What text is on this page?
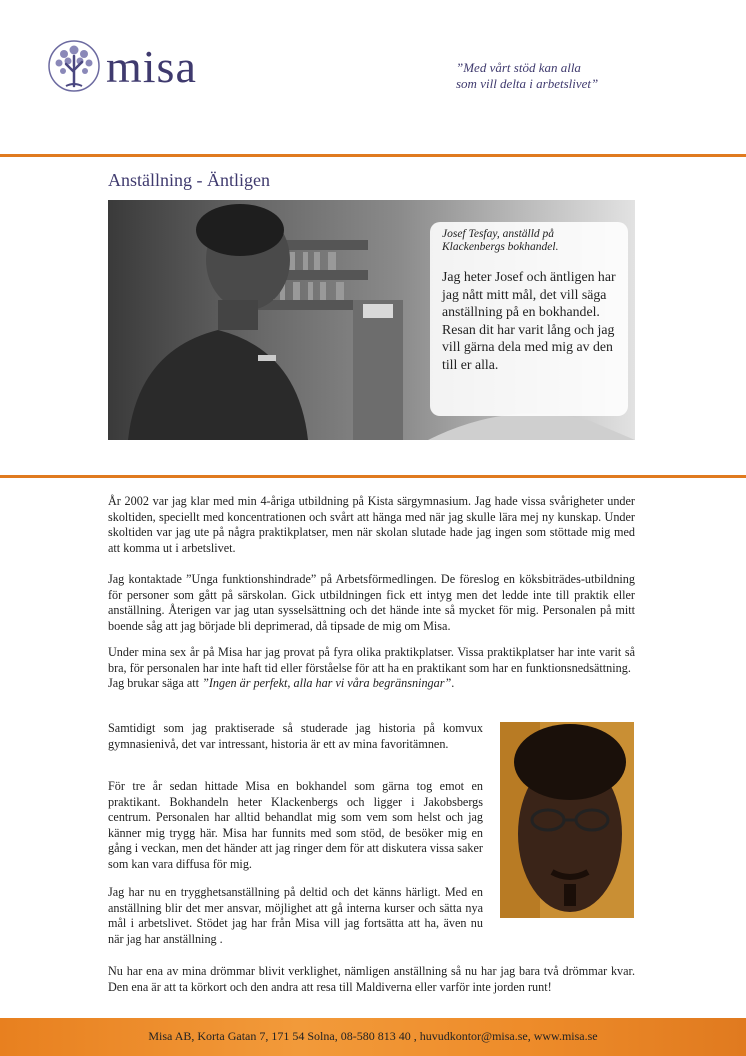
misa	”Med vårt stöd kan alla
som vill delta i arbetslivet”
Anställning - Äntligen
Josef Tesfay, anställd på
Klackenbergs bokhandel.
Jag heter Josef och äntligen har jag nått mitt mål, det vill säga anställning på en bokhandel. Resan dit har varit lång och jag vill gärna dela med mig av den till er alla.

År 2002 var jag klar med min 4-åriga utbildning på Kista särgymnasium. Jag hade vissa svårigheter under skoltiden, speciellt med koncentrationen och svårt att hänga med när jag skulle lära mej ny kunskap. Under skoltiden var jag ute på några praktikplatser, men när skolan slutade hade jag ingen som stöttade mig med att komma ut i arbetslivet.

Jag kontaktade ”Unga funktionshindrade” på Arbetsförmedlingen. De föreslog en köksbiträdes-utbildning för personer som gått på särskolan. Gick utbildningen fick ett intyg men det ledde inte till praktik eller anställning. Återigen var jag utan sysselsättning och det hände inte så mycket för mig. Personalen på mitt boende såg att jag började bli deprimerad, då tipsade de mig om Misa.

Under mina sex år på Misa har jag provat på fyra olika praktikplatser. Vissa praktikplatser har inte varit så bra, för personalen har inte haft tid eller förståelse för att ha en praktikant som har en funktionsnedsättning.

Jag brukar säga att ”Ingen är perfekt, alla har vi våra begränsningar”.

Samtidigt som jag praktiserade så studerade jag historia på komvux gymnasienivå, det var intressant, historia är ett av mina favoritämnen.

För tre år sedan hittade Misa en bokhandel som gärna tog emot en praktikant. Bokhandeln heter Klackenbergs och ligger i Jakobsbergs centrum. Personalen har alltid behandlat mig som vem som helst och jag känner mig trygg här. Misa har funnits med som stöd, de besöker mig en gång i veckan, men det händer att jag ringer dem för att diskutera vissa saker som kan vara diffusa för mig.

Jag har nu en trygghetsanställning på deltid och det känns härligt. Med en anställning blir det mer ansvar, möjlighet att gå interna kurser och sätta nya mål i arbetslivet. Stödet jag har från Misa vill jag fortsätta att ha, även nu när jag har anställning .

Nu har ena av mina drömmar blivit verklighet, nämligen anställning så nu har jag bara två drömmar kvar. Den ena är att ta körkort och den andra att resa till Maldiverna eller varför inte jorden runt!

Misa AB, Korta Gatan 7, 171 54 Solna, 08-580 813 40 , huvudkontor@misa.se, www.misa.se
